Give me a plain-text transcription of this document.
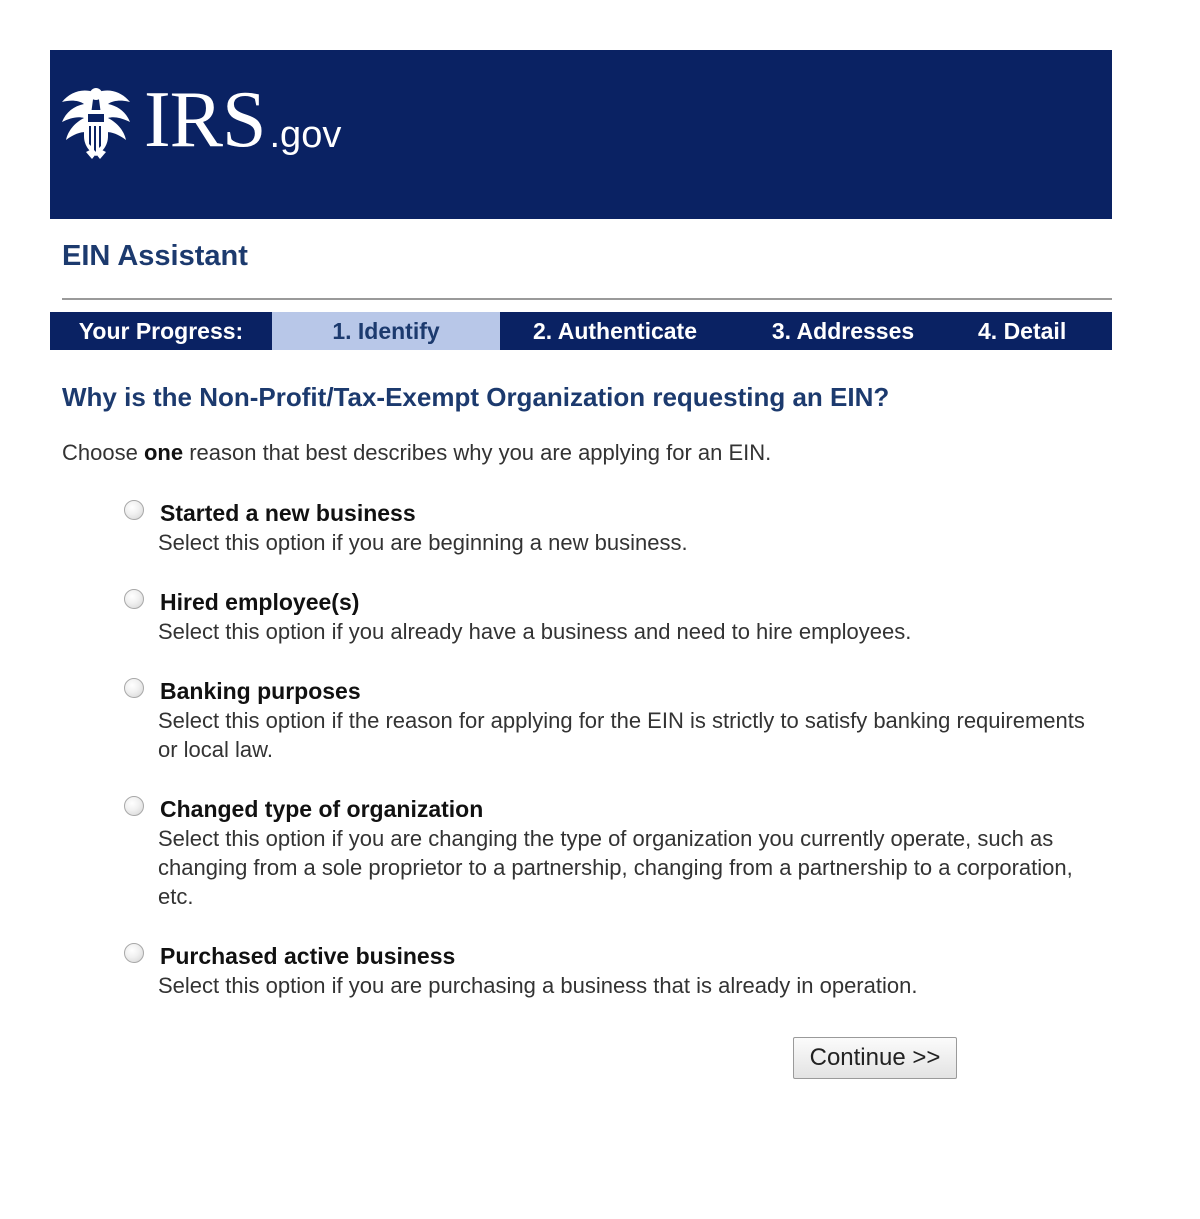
IRS .gov
EIN Assistant
Your Progress:	1. Identify	2. Authenticate	3. Addresses	4. Detail
Why is the Non-Profit/Tax-Exempt Organization requesting an EIN?
Choose one reason that best describes why you are applying for an EIN.
Started a new business
Select this option if you are beginning a new business.
Hired employee(s)
Select this option if you already have a business and need to hire employees.
Banking purposes
Select this option if the reason for applying for the EIN is strictly to satisfy banking requirements or local law.
Changed type of organization
Select this option if you are changing the type of organization you currently operate, such as changing from a sole proprietor to a partnership, changing from a partnership to a corporation, etc.
Purchased active business
Select this option if you are purchasing a business that is already in operation.
Continue >>
